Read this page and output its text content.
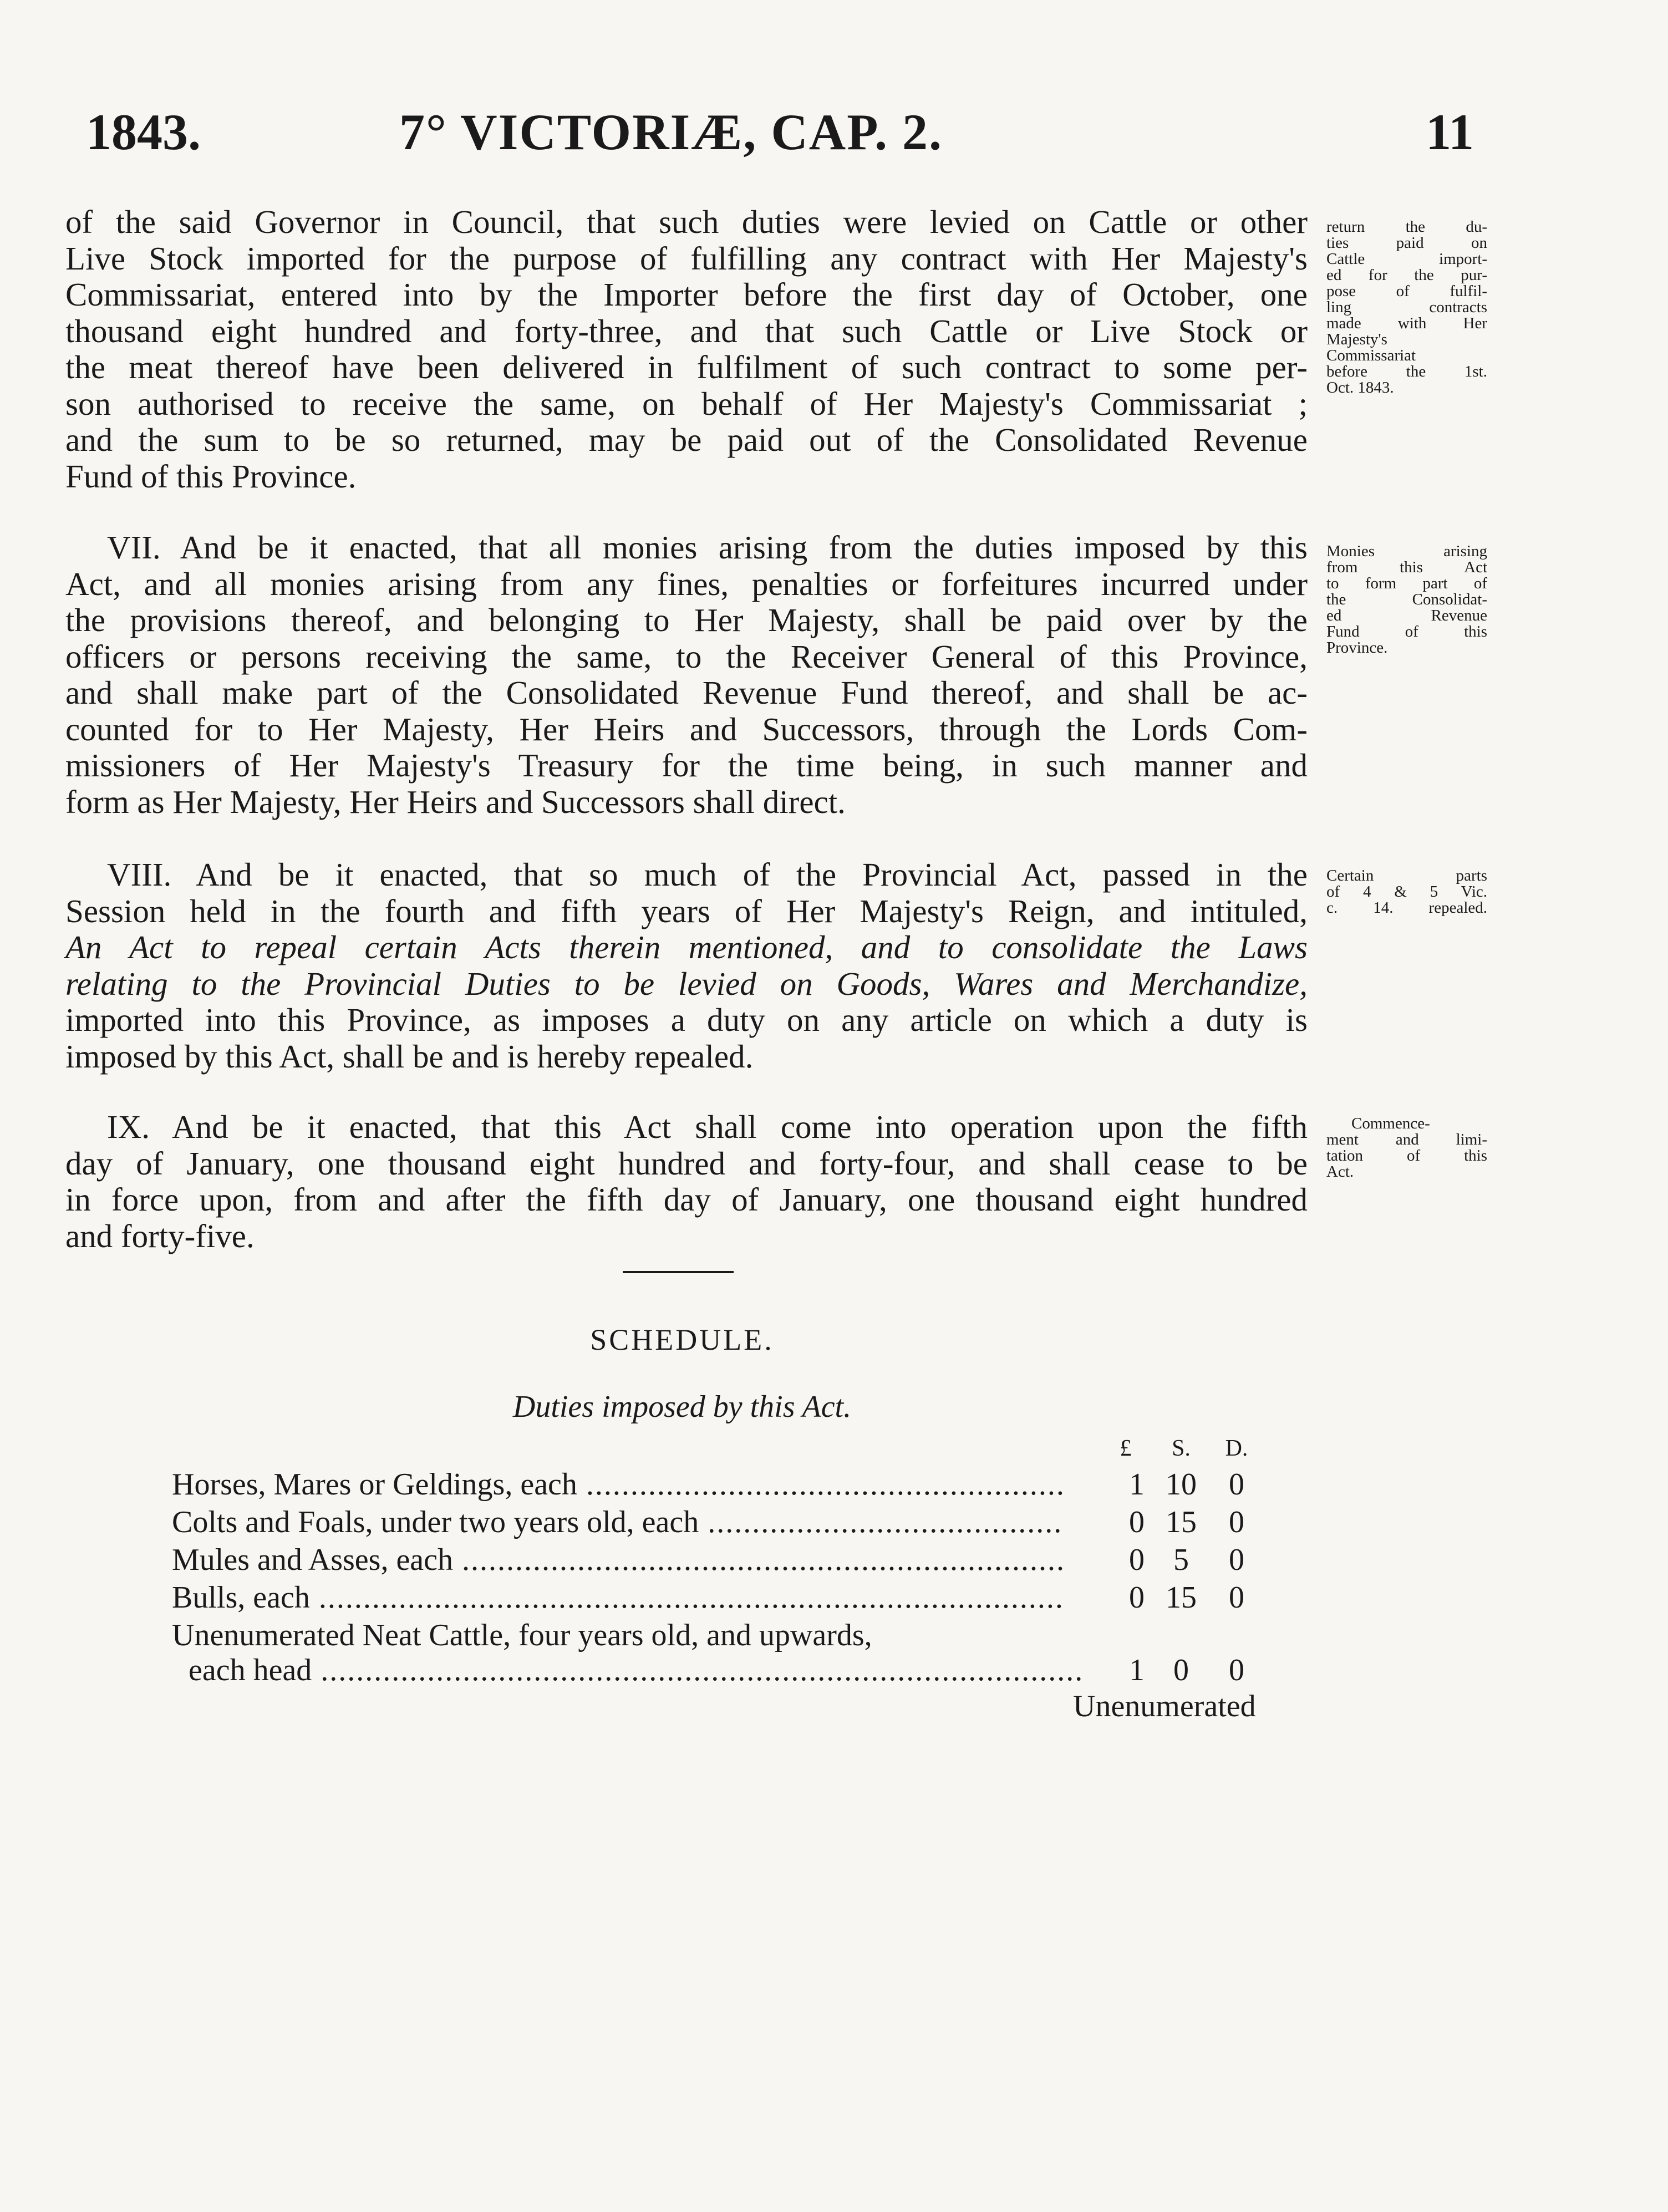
1843.	7° VICTORIÆ, CAP. 2.	11
of the said Governor in Council, that such duties were levied on Cattle or other
Live Stock imported for the purpose of fulfilling any contract with Her Majesty's
Commissariat, entered into by the Importer before the first day of October, one
thousand eight hundred and forty-three, and that such Cattle or Live Stock or
the meat thereof have been delivered in fulfilment of such contract to some per-
son authorised to receive the same, on behalf of Her Majesty's Commissariat ;
and the sum to be so returned, may be paid out of the Consolidated Revenue
Fund of this Province.
VII. And be it enacted, that all monies arising from the duties imposed by this
Act, and all monies arising from any fines, penalties or forfeitures incurred under
the provisions thereof, and belonging to Her Majesty, shall be paid over by the
officers or persons receiving the same, to the Receiver General of this Province,
and shall make part of the Consolidated Revenue Fund thereof, and shall be ac-
counted for to Her Majesty, Her Heirs and Successors, through the Lords Com-
missioners of Her Majesty's Treasury for the time being, in such manner and
form as Her Majesty, Her Heirs and Successors shall direct.
VIII. And be it enacted, that so much of the Provincial Act, passed in the
Session held in the fourth and fifth years of Her Majesty's Reign, and intituled,
An Act to repeal certain Acts therein mentioned, and to consolidate the Laws
relating to the Provincial Duties to be levied on Goods, Wares and Merchandize,
imported into this Province, as imposes a duty on any article on which a duty is
imposed by this Act, shall be and is hereby repealed.
IX. And be it enacted, that this Act shall come into operation upon the fifth
day of January, one thousand eight hundred and forty-four, and shall cease to be
in force upon, from and after the fifth day of January, one thousand eight hundred
and forty-five.
return the du-
ties paid on
Cattle import-
ed for the pur-
pose of fulfil-
ling contracts
made with Her
Majesty's
Commissariat
before the 1st.
Oct. 1843.
Monies arising
from this Act
to form part of
the Consolidat-
ed Revenue
Fund of this
Province.
Certain parts
of 4 & 5 Vic.
c. 14. repealed.
Commence-
ment and limi-
tation of this
Act.
SCHEDULE.
Duties imposed by this Act.
£	S.	D.
Horses, Mares or Geldings, each .....	1 10	0
Colts and Foals, under two years old, each .....	0 15	0
Mules and Asses, each .....	0 5	0
Bulls, each .....	0 15	0
Unenumerated Neat Cattle, four years old, and upwards,
each head .....	1 0	0
Unenumerated
